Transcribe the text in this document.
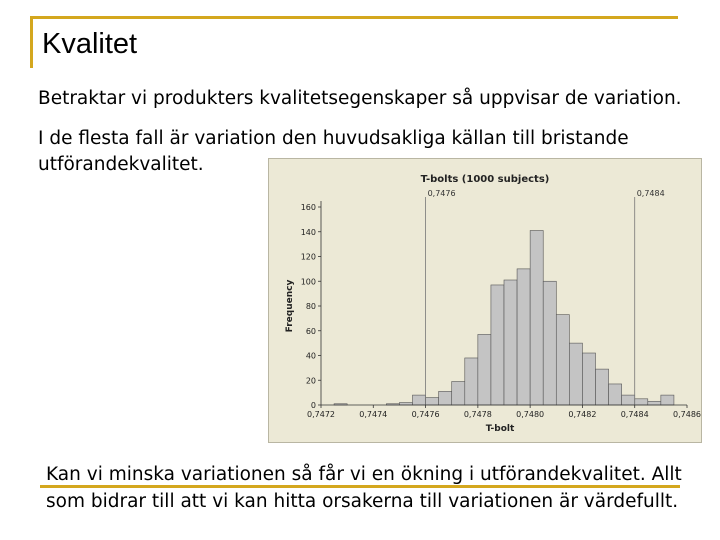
Kvalitet
Betraktar vi produkters kvalitetsegenskaper så uppvisar de variation.
I de flesta fall är variation den huvudsakliga källan till bristande
utförandekvalitet.
T-bolts (1000 subjects)
Frequency
T-bolt
0,7476	0,7484
0
20
40
60
80
100
120
140
160
0,7472	0,7474	0,7476	0,7478	0,7480	0,7482	0,7484	0,7486
Kan vi minska variationen så får vi en ökning i utförandekvalitet. Allt som bidrar till att vi kan hitta orsakerna till variationen är värdefullt.
